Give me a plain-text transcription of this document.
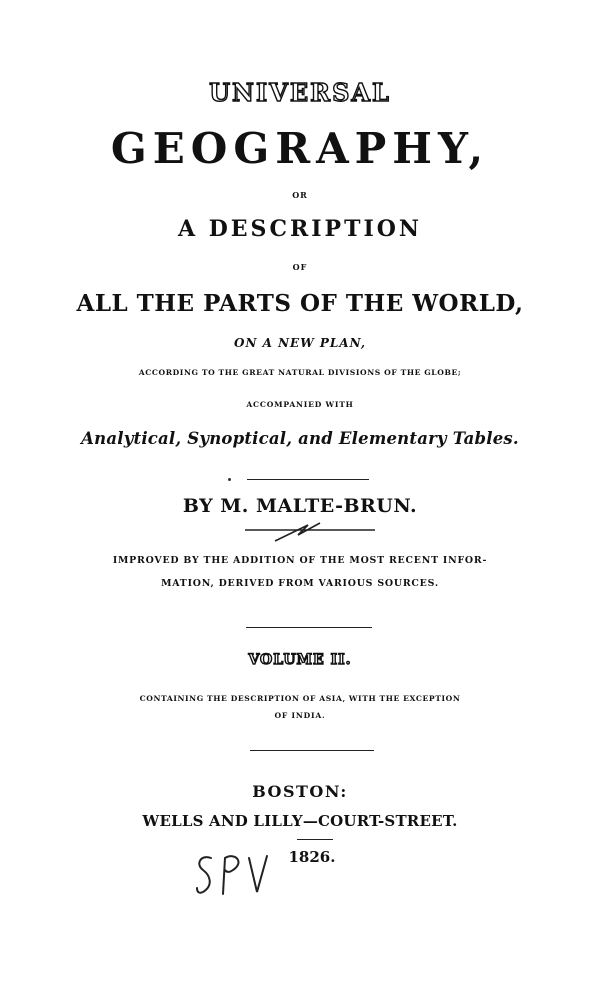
UNIVERSAL
GEOGRAPHY,
OR
A DESCRIPTION
OF
ALL THE PARTS OF THE WORLD,
ON A NEW PLAN,
ACCORDING TO THE GREAT NATURAL DIVISIONS OF THE GLOBE;
ACCOMPANIED WITH
Analytical, Synoptical, and Elementary Tables.
BY M. MALTE-BRUN.
IMPROVED BY THE ADDITION OF THE MOST RECENT INFOR-
MATION, DERIVED FROM VARIOUS SOURCES.
VOLUME II.
CONTAINING THE DESCRIPTION OF ASIA, WITH THE EXCEPTION
OF INDIA.
BOSTON:
WELLS AND LILLY—COURT-STREET.
1826.
